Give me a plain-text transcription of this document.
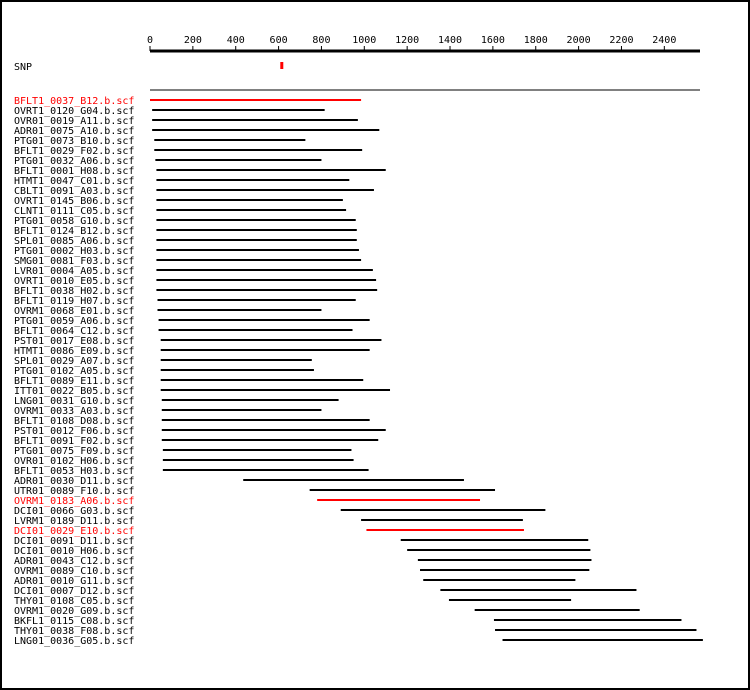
0	200 400 600 800 1000 1200 1400 1600 1800 2000 2200 2400
SNP
BFLT1_0037_B12.b.scf
OVRT1_0120_G04.b.scf
OVR01_0019_A11.b.scf
ADR01_0075_A10.b.scf
PTG01_0073_B10.b.scf
BFLT1_0029_F02.b.scf
PTG01_0032_A06.b.scf
BFLT1_0001_H08.b.scf
HTMT1_0047_C01.b.scf
CBLT1_0091_A03.b.scf
OVRT1_0145_B06.b.scf
CLNT1_0111_C05.b.scf
PTG01_0058_G10.b.scf
BFLT1_0124_B12.b.scf
SPL01_0085_A06.b.scf
PTG01_0002_H03.b.scf
SMG01_0081_F03.b.scf
LVR01_0004_A05.b.scf
OVRT1_0010_E05.b.scf
BFLT1_0038_H02.b.scf
BFLT1_0119_H07.b.scf
OVRM1_0068_E01.b.scf
PTG01_0059_A06.b.scf
BFLT1_0064_C12.b.scf
PST01_0017_E08.b.scf
HTMT1_0086_E09.b.scf
SPL01_0029_A07.b.scf
PTG01_0102_A05.b.scf
BFLT1_0089_E11.b.scf
ITT01_0022_B05.b.scf
LNG01_0031_G10.b.scf
OVRM1_0033_A03.b.scf
BFLT1_0108_D08.b.scf
PST01_0012_F06.b.scf
BFLT1_0091_F02.b.scf
PTG01_0075_F09.b.scf
OVR01_0102_H06.b.scf
BFLT1_0053_H03.b.scf
ADR01_0030_D11.b.scf
UTR01_0089_F10.b.scf
OVRM1_0183_A06.b.scf
DCI01_0066_G03.b.scf
LVRM1_0189_D11.b.scf
DCI01_0029_E10.b.scf
DCI01_0091_D11.b.scf
DCI01_0010_H06.b.scf
ADR01_0043_C12.b.scf
OVRM1_0089_C10.b.scf
ADR01_0010_G11.b.scf
DCI01_0007_D12.b.scf
THY01_0108_C05.b.scf
OVRM1_0020_G09.b.scf
BKFL1_0115_C08.b.scf
THY01_0038_F08.b.scf
LNG01_0036_G05.b.scf
